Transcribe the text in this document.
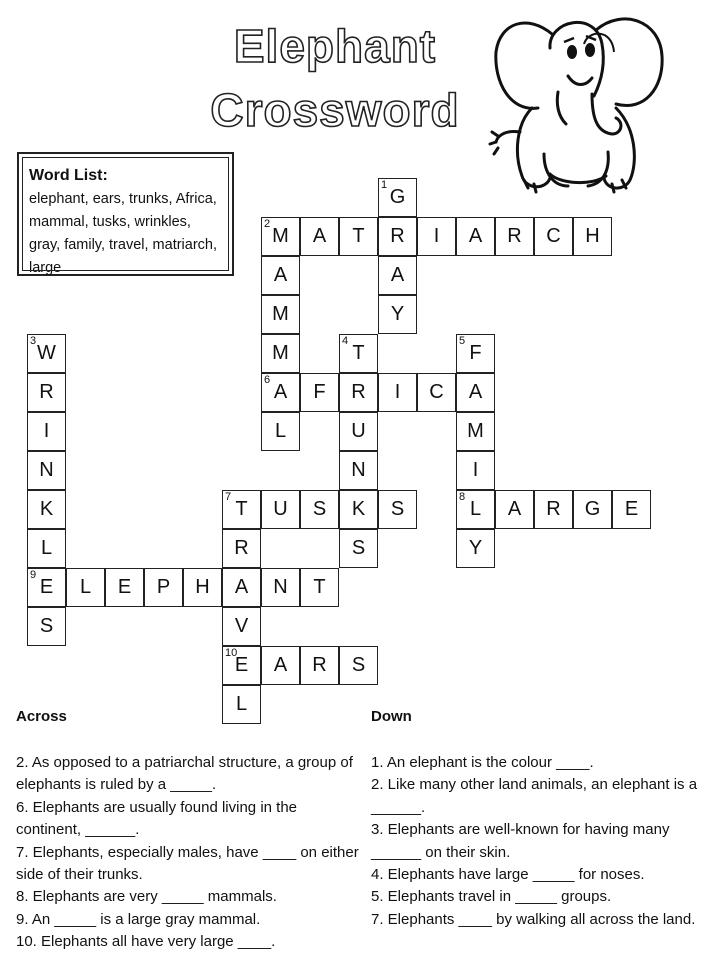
Elephant
Crossword
Word List:
elephant, ears, trunks, Africa, mammal, tusks, wrinkles, gray, family, travel, matriarch, large
G
1
M
2
A T R I A R C H
A	A
M	Y
W
3
M	T
4
F
5
R	A
6
F R I C A
I	L	U	M
N	N	I
K	T
7
U S K S	L
8
A R G E
L	R	S	Y
E
9
L E P H A N T
S	V
E
10
A R S
L
Across	Down

2. As opposed to a patriarchal structure, a group of elephants is ruled by a _____.

6. Elephants are usually found living in the continent, ______.

7. Elephants, especially males, have ____ on either side of their trunks.

8. Elephants are very _____ mammals.

9. An _____ is a large gray mammal.

10. Elephants all have very large ____.

1. An elephant is the colour ____.

2. Like many other land animals, an elephant is a ______.

3. Elephants are well-known for having many ______ on their skin.

4. Elephants have large _____ for noses.

5. Elephants travel in _____ groups.

7. Elephants ____ by walking all across the land.
